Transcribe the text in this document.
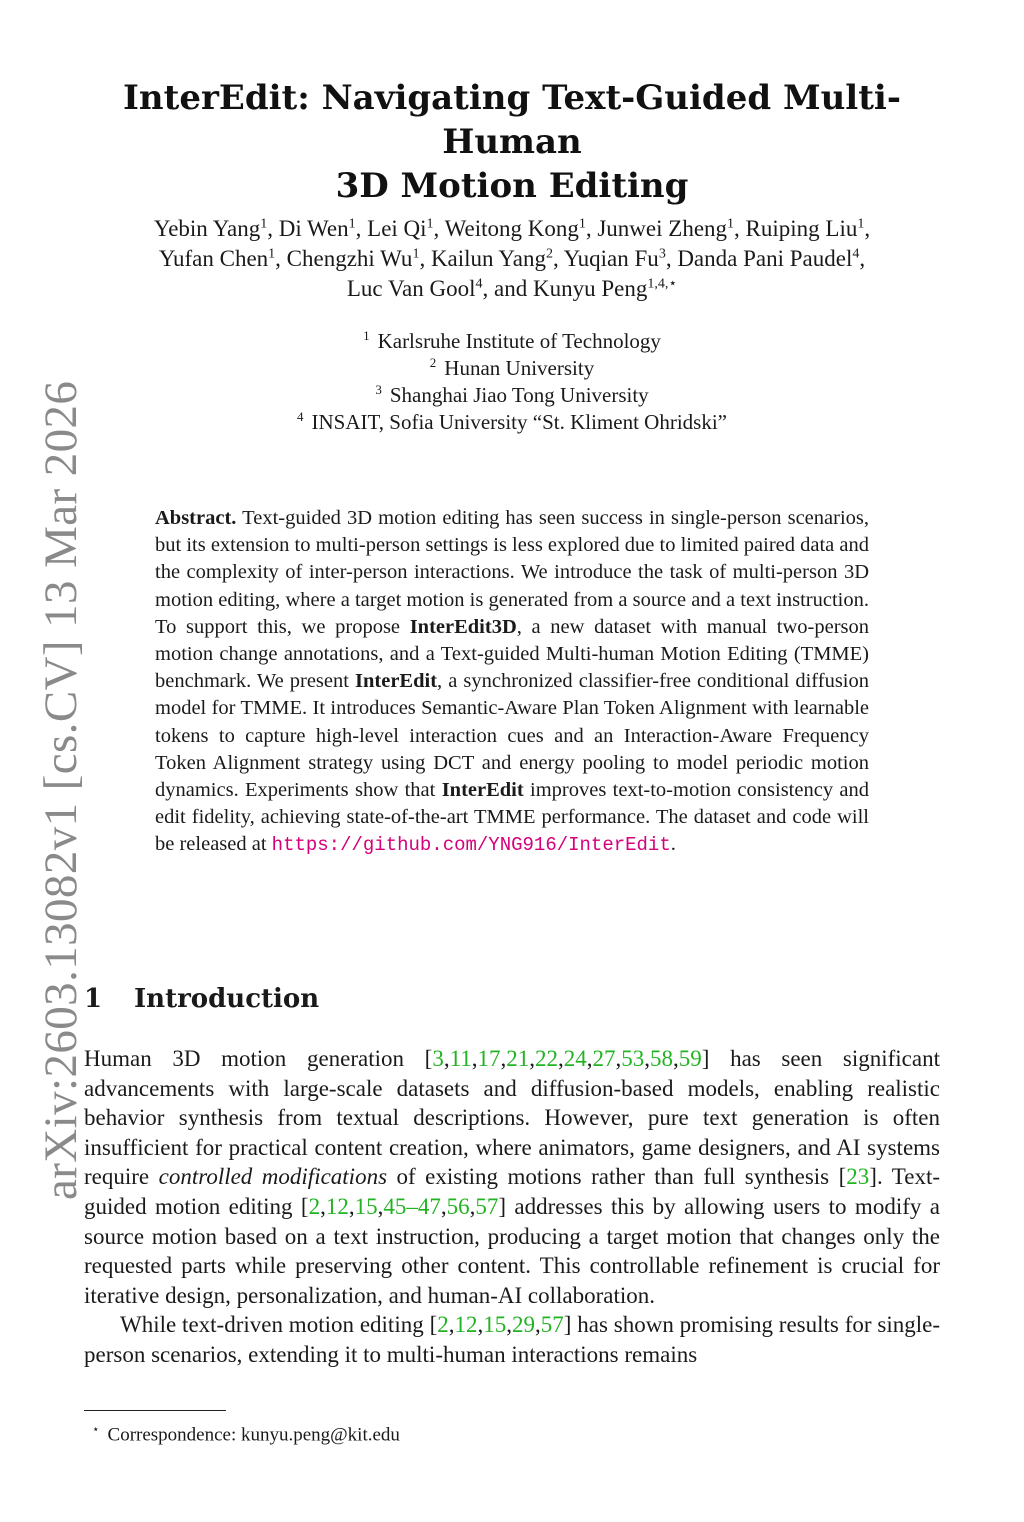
arXiv:2603.13082v1 [cs.CV] 13 Mar 2026
InterEdit: Navigating Text-Guided Multi-Human
3D Motion Editing

Yebin Yang$^1$, Di Wen$^1$, Lei Qi$^1$, Weitong Kong$^1$, Junwei Zheng$^1$, Ruiping Liu$^1$,
Yufan Chen$^1$, Chengzhi Wu$^1$, Kailun Yang$^2$, Yuqian Fu$^3$, Danda Pani Paudel$^4$,
Luc Van Gool$^4$, and Kunyu Peng$^{1,4,⋆}$

$^1$ Karlsruhe Institute of Technology
$^2$ Hunan University
$^3$ Shanghai Jiao Tong University
$^4$ INSAIT, Sofia University “St. Kliment Ohridski”

Abstract. Text-guided 3D motion editing has seen success in single-person scenarios, but its extension to multi-person settings is less explored due to limited paired data and the complexity of inter-person interactions. We introduce the task of multi-person 3D motion editing, where a target motion is generated from a source and a text instruction. To support this, we propose InterEdit3D, a new dataset with manual two-person motion change annotations, and a Text-guided Multi-human Motion Editing (TMME) benchmark. We present InterEdit, a synchronized classifier-free conditional diffusion model for TMME. It introduces Semantic-Aware Plan Token Alignment with learnable tokens to capture high-level interaction cues and an Interaction-Aware Frequency Token Alignment strategy using DCT and energy pooling to model periodic motion dynamics. Experiments show that InterEdit improves text-to-motion consistency and edit fidelity, achieving state-of-the-art TMME performance. The dataset and code will be released at https://github.com/YNG916/InterEdit.

1 Introduction

Human 3D motion generation [3,11,17,21,22,24,27,53,58,59] has seen significant advancements with large-scale datasets and diffusion-based models, enabling realistic behavior synthesis from textual descriptions. However, pure text generation is often insufficient for practical content creation, where animators, game designers, and AI systems require controlled modifications of existing motions rather than full synthesis [23]. Text-guided motion editing [2,12,15,45–47,56,57] addresses this by allowing users to modify a source motion based on a text instruction, producing a target motion that changes only the requested parts while preserving other content. This controllable refinement is crucial for iterative design, personalization, and human-AI collaboration.

While text-driven motion editing [2,12,15,29,57] has shown promising results for single-person scenarios, extending it to multi-human interactions remains

⋆ Correspondence: kunyu.peng@kit.edu
